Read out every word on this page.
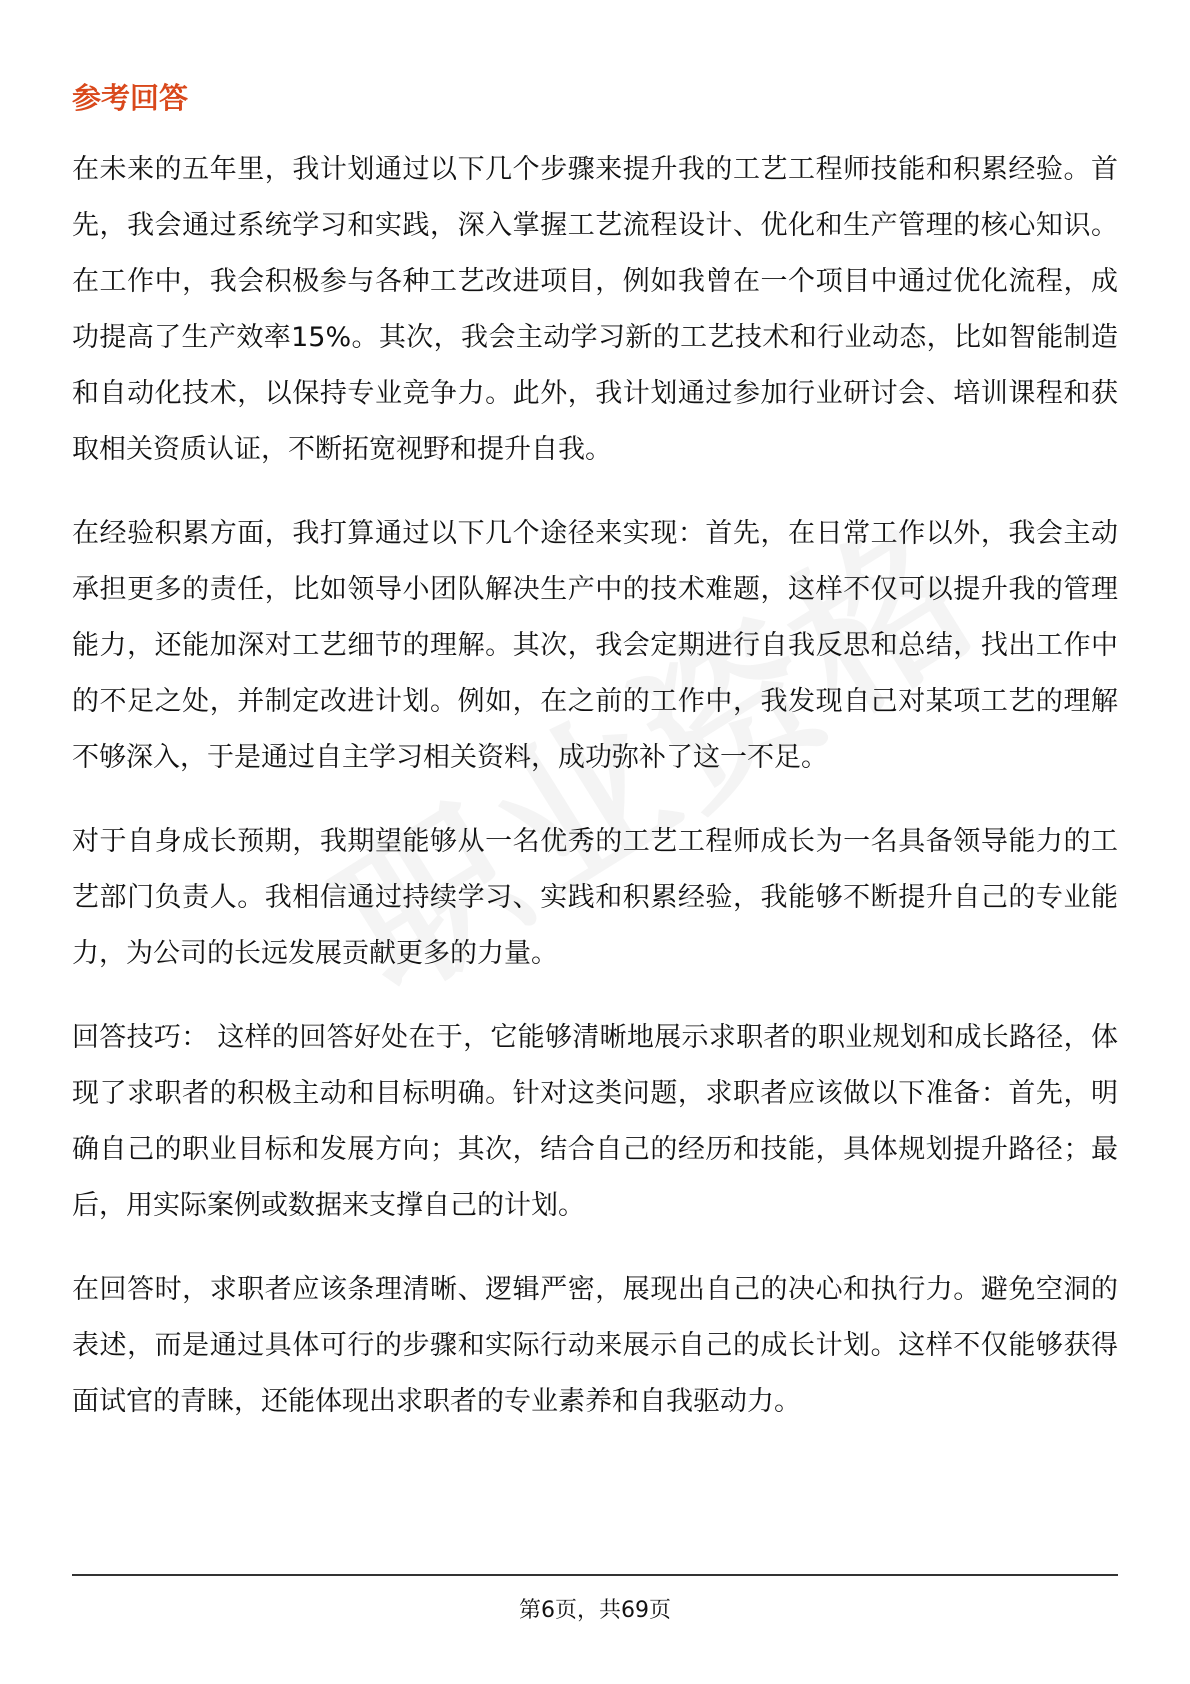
参考回答

在未来的五年里，我计划通过以下几个步骤来提升我的工艺工程师技能和积累经验。首先，我会通过系统学习和实践，深入掌握工艺流程设计、优化和生产管理的核心知识。在工作中，我会积极参与各种工艺改进项目，例如我曾在一个项目中通过优化流程，成功提高了生产效率15%。其次，我会主动学习新的工艺技术和行业动态，比如智能制造和自动化技术，以保持专业竞争力。此外，我计划通过参加行业研讨会、培训课程和获取相关资质认证，不断拓宽视野和提升自我。

在经验积累方面，我打算通过以下几个途径来实现：首先，在日常工作以外，我会主动承担更多的责任，比如领导小团队解决生产中的技术难题，这样不仅可以提升我的管理能力，还能加深对工艺细节的理解。其次，我会定期进行自我反思和总结，找出工作中的不足之处，并制定改进计划。例如，在之前的工作中，我发现自己对某项工艺的理解不够深入，于是通过自主学习相关资料，成功弥补了这一不足。

对于自身成长预期，我期望能够从一名优秀的工艺工程师成长为一名具备领导能力的工艺部门负责人。我相信通过持续学习、实践和积累经验，我能够不断提升自己的专业能力，为公司的长远发展贡献更多的力量。

回答技巧： 这样的回答好处在于，它能够清晰地展示求职者的职业规划和成长路径，体现了求职者的积极主动和目标明确。针对这类问题，求职者应该做以下准备：首先，明确自己的职业目标和发展方向；其次，结合自己的经历和技能，具体规划提升路径；最后，用实际案例或数据来支撑自己的计划。

在回答时，求职者应该条理清晰、逻辑严密，展现出自己的决心和执行力。避免空洞的表述，而是通过具体可行的步骤和实际行动来展示自己的成长计划。这样不仅能够获得面试官的青睐，还能体现出求职者的专业素养和自我驱动力。

第6页，共69页
